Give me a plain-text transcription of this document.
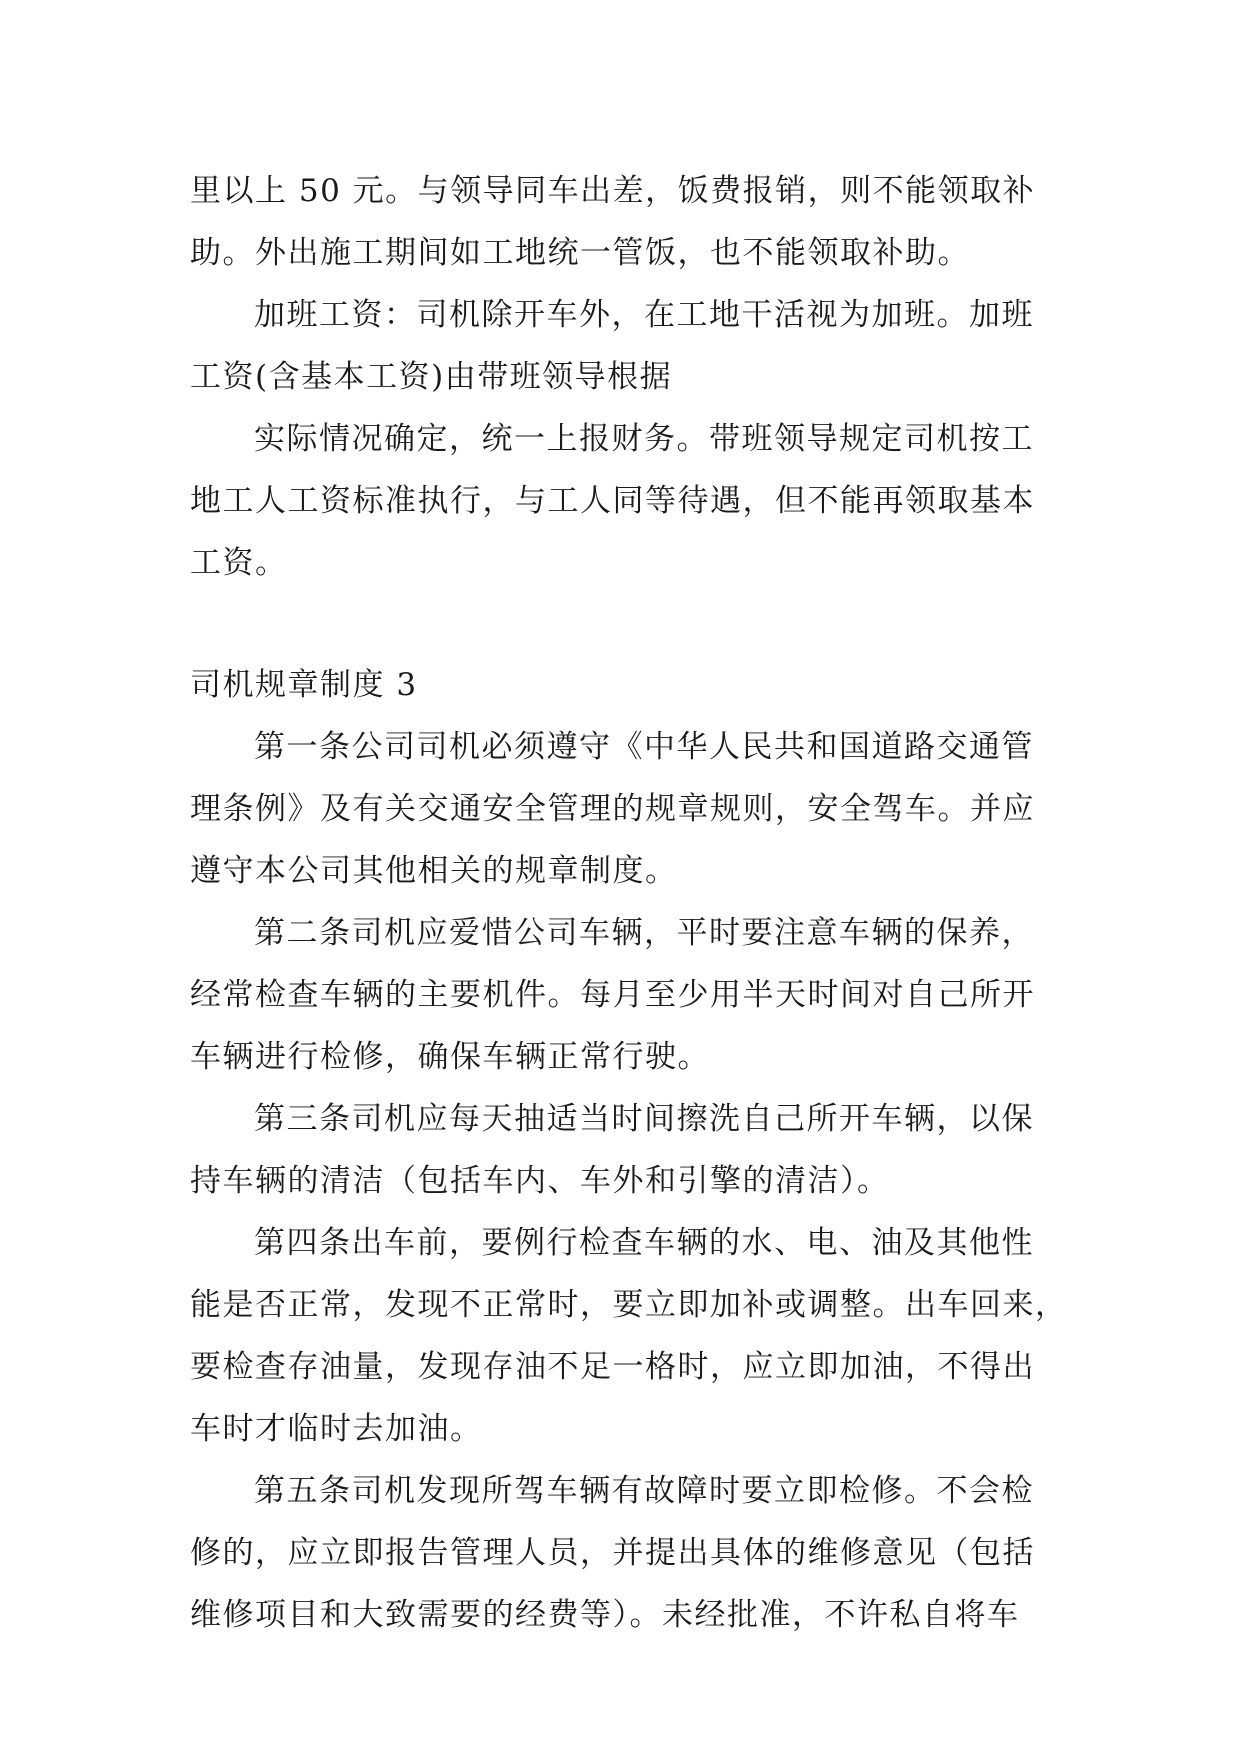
里以上 50 元。与领导同车出差，饭费报销，则不能领取补
助。外出施工期间如工地统一管饭，也不能领取补助。
加班工资：司机除开车外，在工地干活视为加班。加班
工资(含基本工资)由带班领导根据
实际情况确定，统一上报财务。带班领导规定司机按工
地工人工资标准执行，与工人同等待遇，但不能再领取基本
工资。
司机规章制度 3
第一条公司司机必须遵守《中华人民共和国道路交通管
理条例》及有关交通安全管理的规章规则，安全驾车。并应
遵守本公司其他相关的规章制度。
第二条司机应爱惜公司车辆，平时要注意车辆的保养，
经常检查车辆的主要机件。每月至少用半天时间对自己所开
车辆进行检修，确保车辆正常行驶。
第三条司机应每天抽适当时间擦洗自己所开车辆，以保
持车辆的清洁（包括车内、车外和引擎的清洁）。
第四条出车前，要例行检查车辆的水、电、油及其他性
能是否正常，发现不正常时，要立即加补或调整。出车回来，
要检查存油量，发现存油不足一格时，应立即加油，不得出
车时才临时去加油。
第五条司机发现所驾车辆有故障时要立即检修。不会检
修的，应立即报告管理人员，并提出具体的维修意见（包括
维修项目和大致需要的经费等）。未经批准，不许私自将车
